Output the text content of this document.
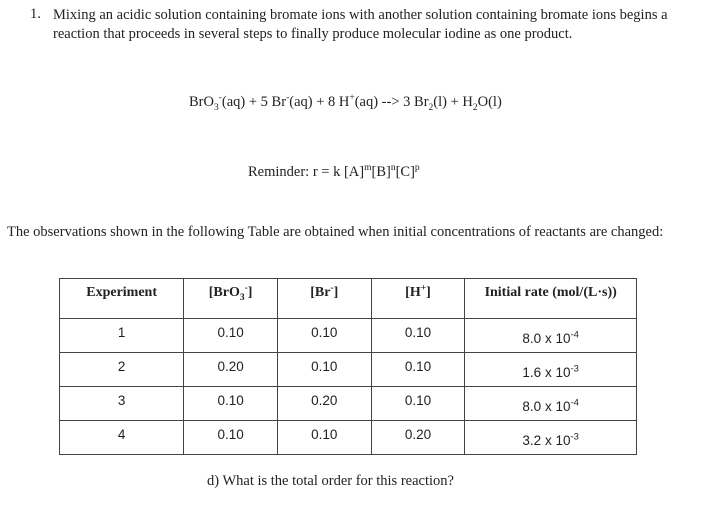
1. Mixing an acidic solution containing bromate ions with another solution containing bromate ions begins a reaction that proceeds in several steps to finally produce molecular iodine as one product.
BrO$_3$-(aq) + 5 Br-(aq) + 8 H+(aq) --> 3 $Br_2(l) + H_2O(l)$
Reminder: r = k $[A]^m[B]^n[C]^p$
The observations shown in the following Table are obtained when initial concentrations of reactants are changed:
Experiment	[BrO$_3$-]	[Br-]	[H+]	Initial rate (mol/(L·s))
1	0.10	0.10	0.10	8.0 x $10^{-4}$
2	0.20	0.10	0.10	1.6 x $10^{-3}$
3	0.10	0.20	0.10	8.0 x $10^{-4}$
4	0.10	0.10	0.20	3.2 x $10^{-3}$
d) What is the total order for this reaction?
